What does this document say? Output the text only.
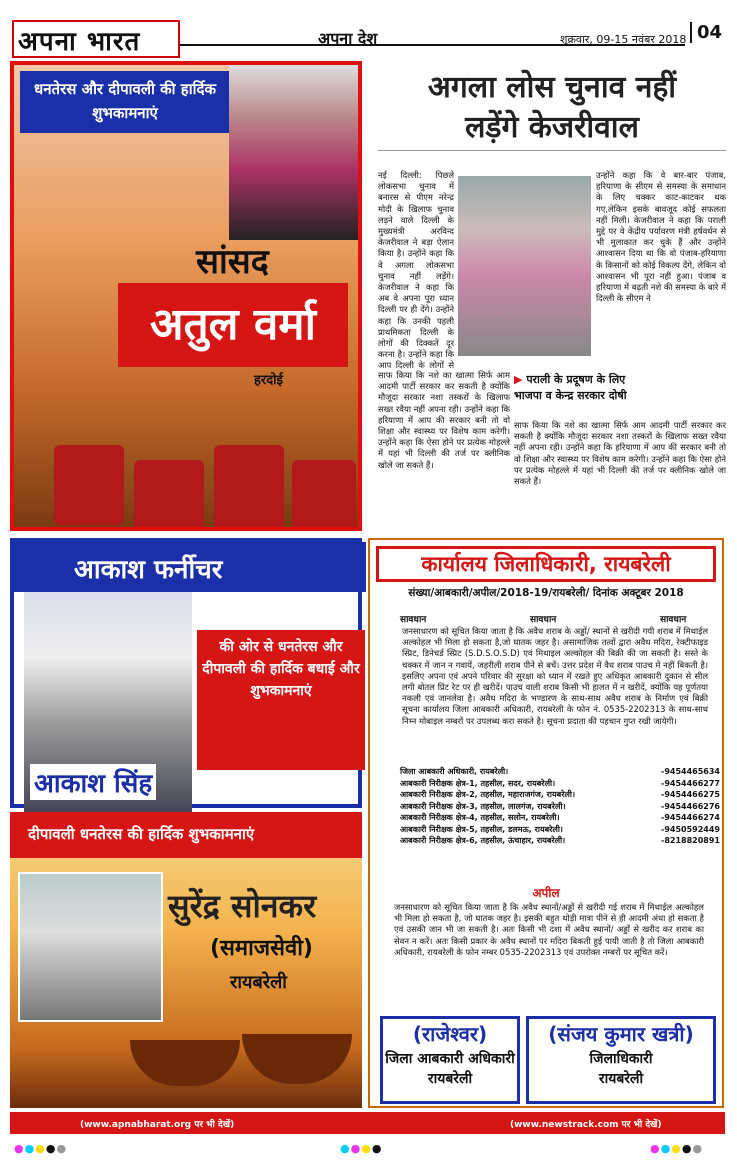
अपना भारत	अपना देश	शुक्रवार, 09-15 नवंबर 2018 04
धनतेरस और दीपावली की हार्दिक शुभकामनाएं
सांसद
अतुल वर्मा
हरदोई
अगला लोस चुनाव नहीं
लड़ेंगे केजरीवाल
नई दिल्ली: पिछले लोकसभा चुनाव में बनारस से पीएम नरेन्द्र मोदी के खिलाफ चुनाव लड़ने वाले दिल्ली के मुख्यमंत्री अरविन्द केजरीवाल ने बड़ा ऐलान किया है। उन्होंने कहा कि वे अगला लोकसभा चुनाव नहीं लड़ेंगे। केजरीवाल ने कहा कि अब वे अपना पूरा ध्यान दिल्ली पर ही देंगे। उन्होंने कहा कि उनकी पहली प्राथमिकता दिल्ली के लोगों की दिक्कतें दूर करना है। उन्होंने कहा कि आप दिल्ली के लोगों से
साफ किया कि नशे का खात्मा सिर्फ आम आदमी पार्टी सरकार कर सकती है क्योंकि मौजूदा सरकार नशा तस्करों के खिलाफ सख्त रवैया नहीं अपना रही। उन्होंने कहा कि हरियाणा में आप की सरकार बनी तो वो शिक्षा और स्वास्थ्य पर विशेष काम करेगी। उन्होंने कहा कि ऐसा होने पर प्रत्येक मोहल्ले में यहां भी दिल्ली की तर्ज पर क्लीनिक खोले जा सकते हैं।
उन्होंने कहा कि वे बार-बार पंजाब, हरियाणा के सीएम से समस्या के समाधान के लिए चक्कर काट-काटकर थक गए,लेकिन इसके बावजूद कोई सफलता नहीं मिली। केजरीवाल ने कहा कि पराली मुद्दे पर वे केंद्रीय पर्यावरण मंत्री हर्षवर्धन से भी मुलाकात कर चुके हैं और उन्होंने आश्वासन दिया था कि वो पंजाब-हरियाणा के किसानों को कोई विकल्प देंगे, लेकिन वो आश्वासन भी पूरा नहीं हुआ। पंजाब व हरियाणा में बढ़ती नशे की समस्या के बारे में दिल्ली के सीएम ने
▶ पराली के प्रदूषण के लिए भाजपा व केन्द्र सरकार दोषी
साफ किया कि नशे का खात्मा सिर्फ आम आदमी पार्टी सरकार कर सकती है क्योंकि मौजूदा सरकार नशा तस्करों के खिलाफ सख्त रवैया नहीं अपना रही। उन्होंने कहा कि हरियाणा में आप की सरकार बनी तो वो शिक्षा और स्वास्थ्य पर विशेष काम करेगी। उन्होंने कहा कि ऐसा होने पर प्रत्येक मोहल्ले में यहां भी दिल्ली की तर्ज पर क्लीनिक खोले जा सकते हैं।
आकाश फर्नीचर
की ओर से धनतेरस और दीपावली की हार्दिक बधाई और शुभकामनाएं
आकाश सिंह
दीपावली धनतेरस की हार्दिक शुभकामनाएं
सुरेंद्र सोनकर
(समाजसेवी)
रायबरेली
कार्यालय जिलाधिकारी, रायबरेली
संख्या/आबकारी/अपील/2018-19/रायबरेली/ दिनांक अक्टूबर 2018
सावधान	सावधान	सावधान
जनसाधारण को सूचित किया जाता है कि अवैध शराब के अड्डों/ स्थानों से खरीदी गयी शराब में मिथाईल अल्कोहल भी मिला हो सकता है,जो घातक जहर है। असामाजिक तत्वों द्वारा अवैध मदिरा, रेक्टीफाइड स्प्रिट, डिनेचर्ड स्प्रिट (S.D.S.O.S.D) एवं मिथाइल अल्कोहल की बिक्री की जा सकती है। सस्ते के चक्कर में जान न गवायें, जहरीली शराब पीने से बचें। उत्तर प्रदेश में वैध शराब पाउच में नहीं बिकती है। इसलिए अपना एवं अपने परिवार की सुरक्षा को ध्यान में रखते हुए अधिकृत आबकारी दुकान से सील लगी बोतल प्रिंट रेट पर ही खरीदें। पाउच वाली शराब किसी भी हालत में न खरीदें, क्योंकि यह पूर्णतया नकली एवं जानलेवा है। अवैध मदिरा के भण्डारण के साथ-साथ अवैध शराब के निर्माण एवं बिक्री सूचना कार्यालय जिला आबकारी अधिकारी, रायबरेली के फोन नं. 0535-2202313 के साथ-साथ निम्न मोबाइल नम्बरों पर उपलब्ध करा सकते है। सूचना प्रदाता की पहचान गुप्त रखी जायेगी।
जिला आबकारी अधिकारी, रायबरेली।	-9454465634
आबकारी निरीक्षक क्षेत्र-1, तहसील, सदर, रायबरेली।	-9454466277
आबकारी निरीक्षक क्षेत्र-2, तहसील, महाराजगंज, रायबरेली।	-9454466275
आबकारी निरीक्षक क्षेत्र-3, तहसील, लालगंज, रायबरेली।	-9454466276
आबकारी निरीक्षक क्षेत्र-4, तहसील, सलोन, रायबरेली।	-9454466274
आबकारी निरीक्षक क्षेत्र-5, तहसील, डलमऊ, रायबरेली।	-9450592449
आबकारी निरीक्षक क्षेत्र-6, तहसील, ऊंचाहार, रायबरेली।	-8218820891
अपील
जनसाधारण को सूचित किया जाता है कि अवैध स्थानों/अड्डों से खरीदी गई शराब में मिथाईल अल्कोहल भी मिला हो सकता है, जो घातक जहर है। इसकी बहुत थोड़ी मात्रा पीने से ही आदमी अंधा हो सकता है एवं उसकी जान भी जा सकती है। अतः किसी भी दशा में अवैध स्थानों/ अड्डों से खरीद कर शराब का सेवन न करें। अतः किसी प्रकार के अवैध स्थानों पर मदिरा बिकती हुई पायी जाती है तो जिला आबकारी अधिकारी, रायबरेली के फोन नम्बर 0535-2202313 एवं उपरोक्त नम्बरों पर सूचित करें।
(राजेश्वर)
जिला आबकारी अधिकारी
रायबरेली
(संजय कुमार खत्री)
जिलाधिकारी
रायबरेली
(www.apnabharat.org पर भी देखें)	(www.newstrack.com पर भी देखें)
●●●●●	●●●●	●●●●●
